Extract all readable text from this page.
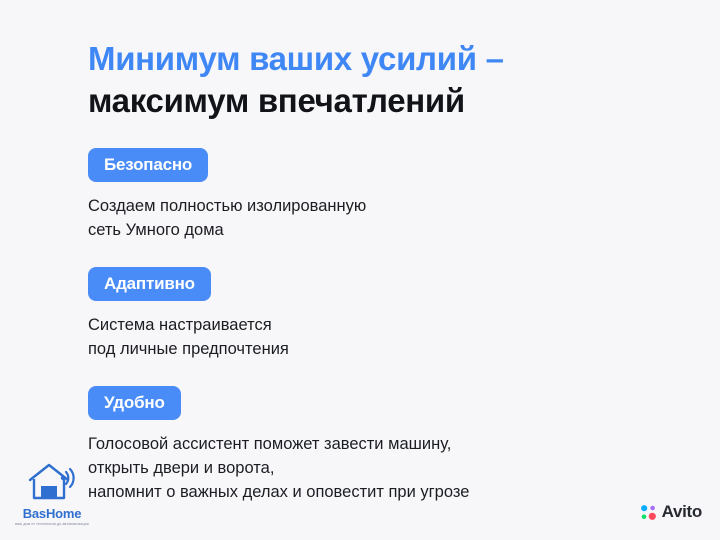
Минимум ваших усилий –
максимум впечатлений
Безопасно
Создаем полностью изолированную
сеть Умного дома
Адаптивно
Система настраивается
под личные предпочтения
Удобно
Голосовой ассистент поможет завести машину,
открыть двери и ворота,
напомнит о важных делах и оповестит при угрозе
BasHome
ваш дом от технологии до автоматизации
Avito
